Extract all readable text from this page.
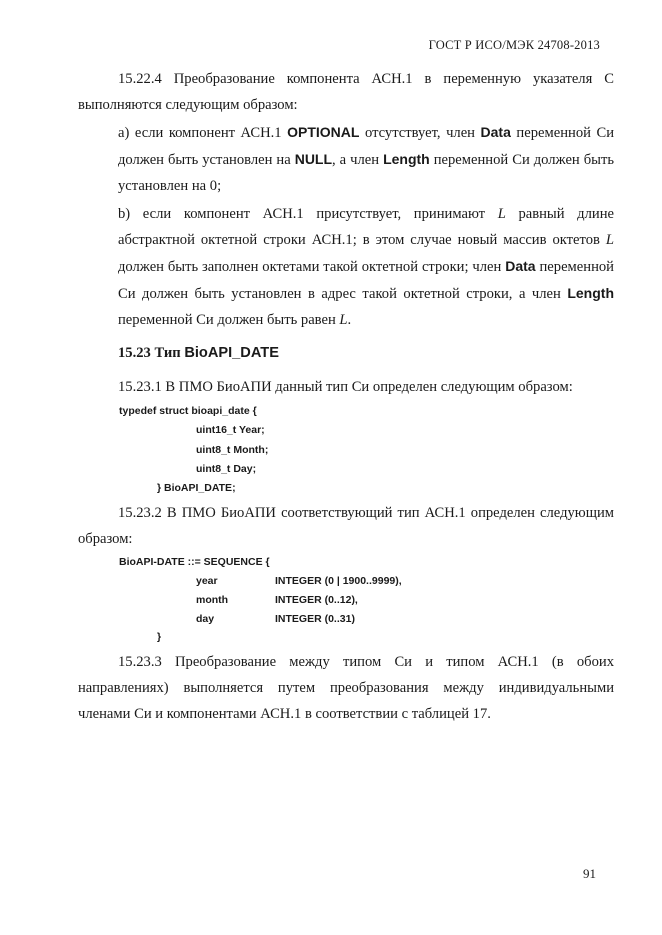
ГОСТ Р ИСО/МЭК 24708-2013
15.22.4 Преобразование компонента АСН.1 в переменную указателя С выполняются следующим образом:
а) если компонент АСН.1 OPTIONAL отсутствует, член Data переменной Си должен быть установлен на NULL, а член Length переменной Си должен быть установлен на 0;
b) если компонент АСН.1 присутствует, принимают L равный длине абстрактной октетной строки АСН.1; в этом случае новый массив октетов L должен быть заполнен октетами такой октетной строки; член Data переменной Си должен быть установлен в адрес такой октетной строки, а член Length переменной Си должен быть равен L.
15.23 Тип BioAPI_DATE
15.23.1 В ПМО БиоАПИ данный тип Си определен следующим образом:
typedef struct bioapi_date {
uint16_t Year;
uint8_t Month;
uint8_t Day;
} BioAPI_DATE;
15.23.2 В ПМО БиоАПИ соответствующий тип АСН.1 определен следующим образом:
BioAPI-DATE ::= SEQUENCE {
year	INTEGER (0 | 1900..9999),
month	INTEGER (0..12),
day	INTEGER (0..31)
}
15.23.3 Преобразование между типом Си и типом АСН.1 (в обоих направлениях) выполняется путем преобразования между индивидуальными членами Си и компонентами АСН.1 в соответствии с таблицей 17.
91
